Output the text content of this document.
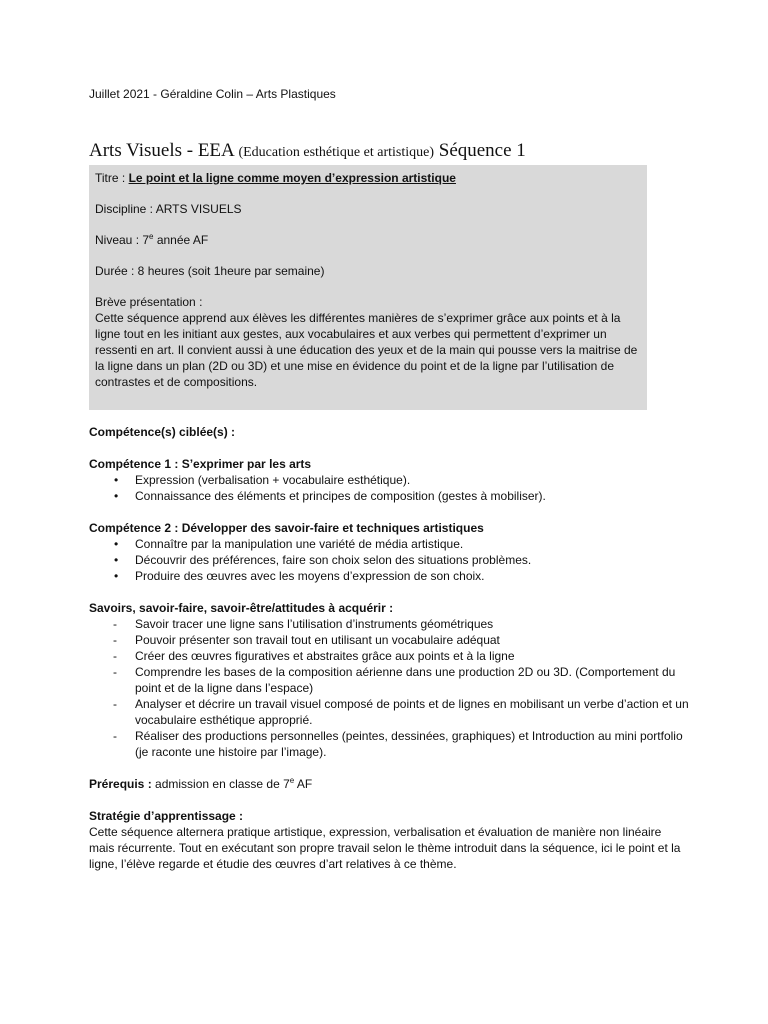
Juillet 2021 - Géraldine Colin – Arts Plastiques

Arts Visuels - EEA (Education esthétique et artistique) Séquence 1

Titre : Le point et la ligne comme moyen d’expression artistique

Discipline : ARTS VISUELS

Niveau : 7e année AF

Durée : 8 heures (soit 1heure par semaine)

Brève présentation :
Cette séquence apprend aux élèves les différentes manières de s’exprimer grâce aux points et à la ligne tout en les initiant aux gestes, aux vocabulaires et aux verbes qui permettent d’exprimer un ressenti en art. Il convient aussi à une éducation des yeux et de la main qui pousse vers la maitrise de la ligne dans un plan (2D ou 3D) et une mise en évidence du point et de la ligne par l’utilisation de contrastes et de compositions.

Compétence(s) ciblée(s) :

Compétence 1 : S’exprimer par les arts

• Expression (verbalisation + vocabulaire esthétique).
• Connaissance des éléments et principes de composition (gestes à mobiliser).

Compétence 2 : Développer des savoir-faire et techniques artistiques

• Connaître par la manipulation une variété de média artistique.
• Découvrir des préférences, faire son choix selon des situations problèmes.
• Produire des œuvres avec les moyens d’expression de son choix.

Savoirs, savoir-faire, savoir-être/attitudes à acquérir :

- Savoir tracer une ligne sans l’utilisation d’instruments géométriques
- Pouvoir présenter son travail tout en utilisant un vocabulaire adéquat
- Créer des œuvres figuratives et abstraites grâce aux points et à la ligne
- Comprendre les bases de la composition aérienne dans une production 2D ou 3D. (Comportement du point et de la ligne dans l’espace)
- Analyser et décrire un travail visuel composé de points et de lignes en mobilisant un verbe d’action et un vocabulaire esthétique approprié.
- Réaliser des productions personnelles (peintes, dessinées, graphiques) et Introduction au mini portfolio (je raconte une histoire par l’image).

Prérequis : admission en classe de 7e AF

Stratégie d’apprentissage :

Cette séquence alternera pratique artistique, expression, verbalisation et évaluation de manière non linéaire mais récurrente. Tout en exécutant son propre travail selon le thème introduit dans la séquence, ici le point et la ligne, l’élève regarde et étudie des œuvres d’art relatives à ce thème.
